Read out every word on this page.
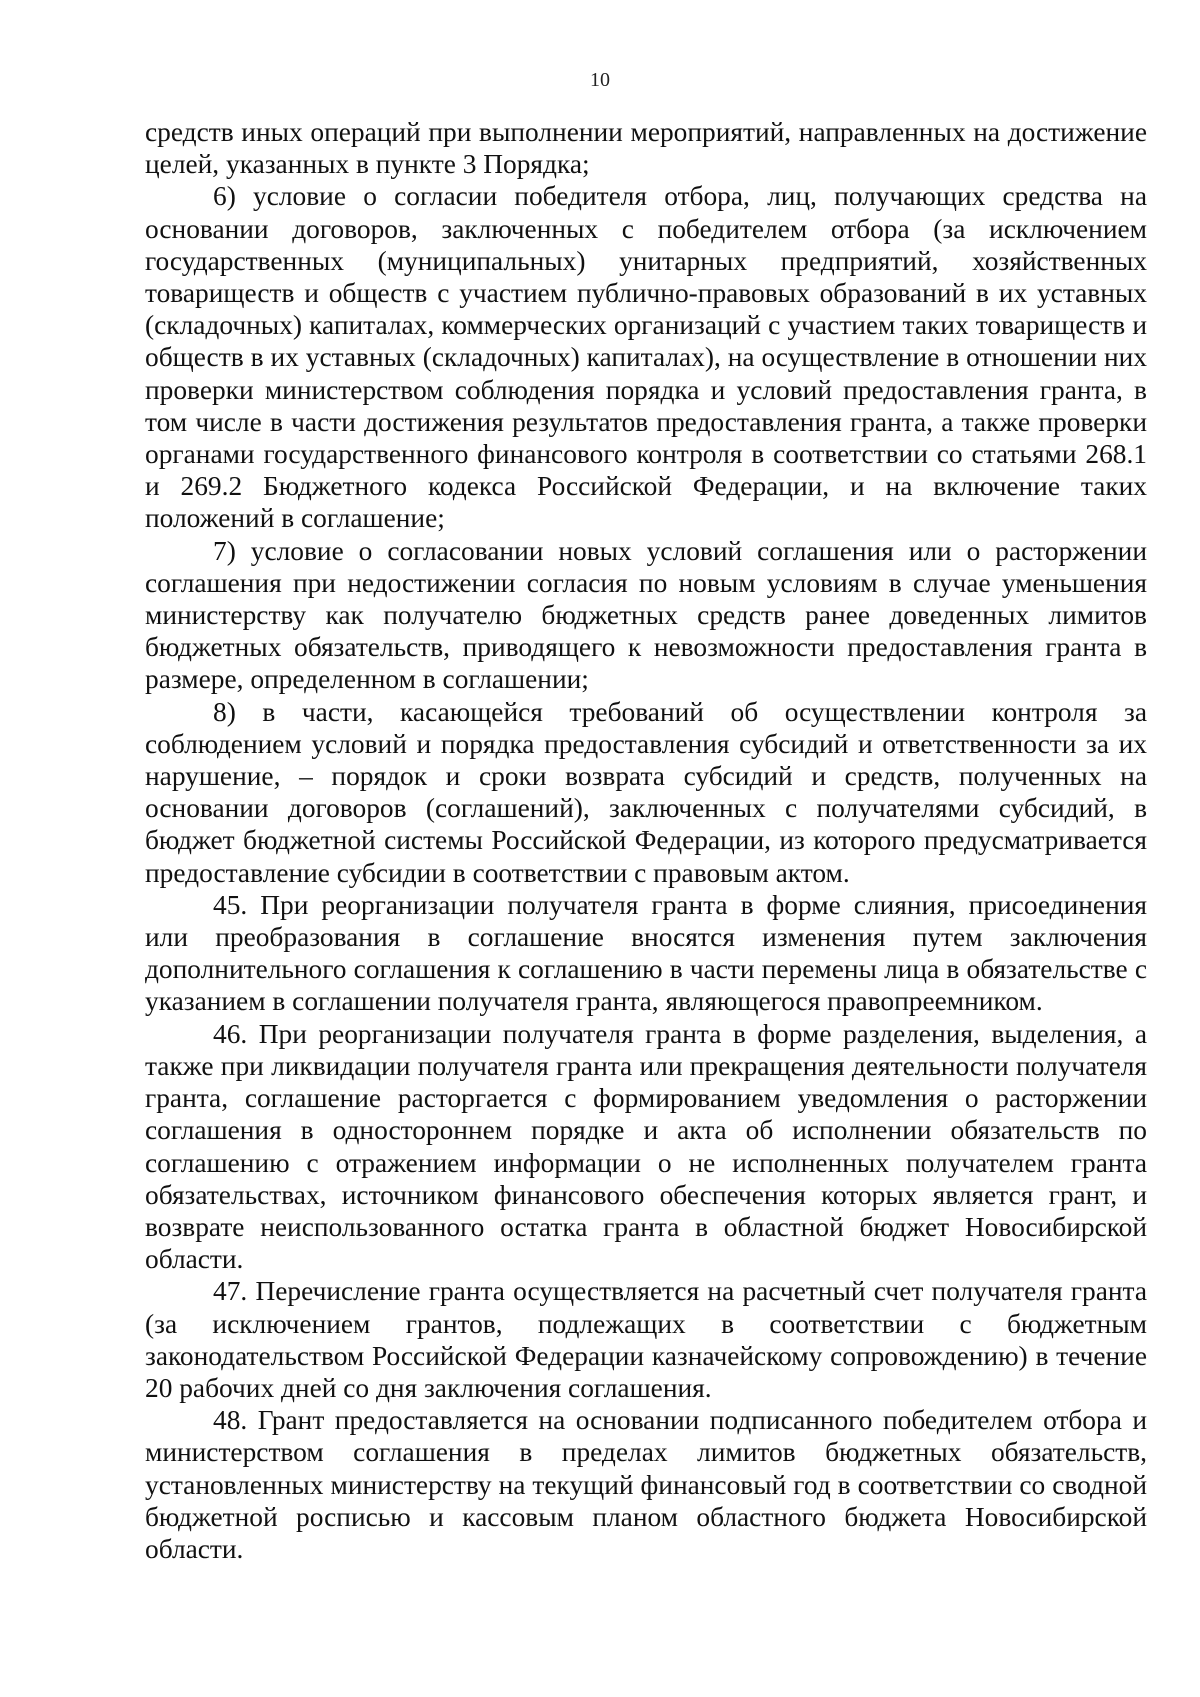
10

средств иных операций при выполнении мероприятий, направленных на достижение целей, указанных в пункте 3 Порядка;

6) условие о согласии победителя отбора, лиц, получающих средства на основании договоров, заключенных с победителем отбора (за исключением государственных (муниципальных) унитарных предприятий, хозяйственных товариществ и обществ с участием публично-правовых образований в их уставных (складочных) капиталах, коммерческих организаций с участием таких товариществ и обществ в их уставных (складочных) капиталах), на осуществление в отношении них проверки министерством соблюдения порядка и условий предоставления гранта, в том числе в части достижения результатов предоставления гранта, а также проверки органами государственного финансового контроля в соответствии со статьями 268.1 и 269.2 Бюджетного кодекса Российской Федерации, и на включение таких положений в соглашение;

7) условие о согласовании новых условий соглашения или о расторжении соглашения при недостижении согласия по новым условиям в случае уменьшения министерству как получателю бюджетных средств ранее доведенных лимитов бюджетных обязательств, приводящего к невозможности предоставления гранта в размере, определенном в соглашении;

8) в части, касающейся требований об осуществлении контроля за соблюдением условий и порядка предоставления субсидий и ответственности за их нарушение, – порядок и сроки возврата субсидий и средств, полученных на основании договоров (соглашений), заключенных с получателями субсидий, в бюджет бюджетной системы Российской Федерации, из которого предусматривается предоставление субсидии в соответствии с правовым актом.

45. При реорганизации получателя гранта в форме слияния, присоединения или преобразования в соглашение вносятся изменения путем заключения дополнительного соглашения к соглашению в части перемены лица в обязательстве с указанием в соглашении получателя гранта, являющегося правопреемником.

46. При реорганизации получателя гранта в форме разделения, выделения, а также при ликвидации получателя гранта или прекращения деятельности получателя гранта, соглашение расторгается с формированием уведомления о расторжении соглашения в одностороннем порядке и акта об исполнении обязательств по соглашению с отражением информации о не исполненных получателем гранта обязательствах, источником финансового обеспечения которых является грант, и возврате неиспользованного остатка гранта в областной бюджет Новосибирской области.

47. Перечисление гранта осуществляется на расчетный счет получателя гранта (за исключением грантов, подлежащих в соответствии с бюджетным законодательством Российской Федерации казначейскому сопровождению) в течение 20 рабочих дней со дня заключения соглашения.

48. Грант предоставляется на основании подписанного победителем отбора и министерством соглашения в пределах лимитов бюджетных обязательств, установленных министерству на текущий финансовый год в соответствии со сводной бюджетной росписью и кассовым планом областного бюджета Новосибирской области.
